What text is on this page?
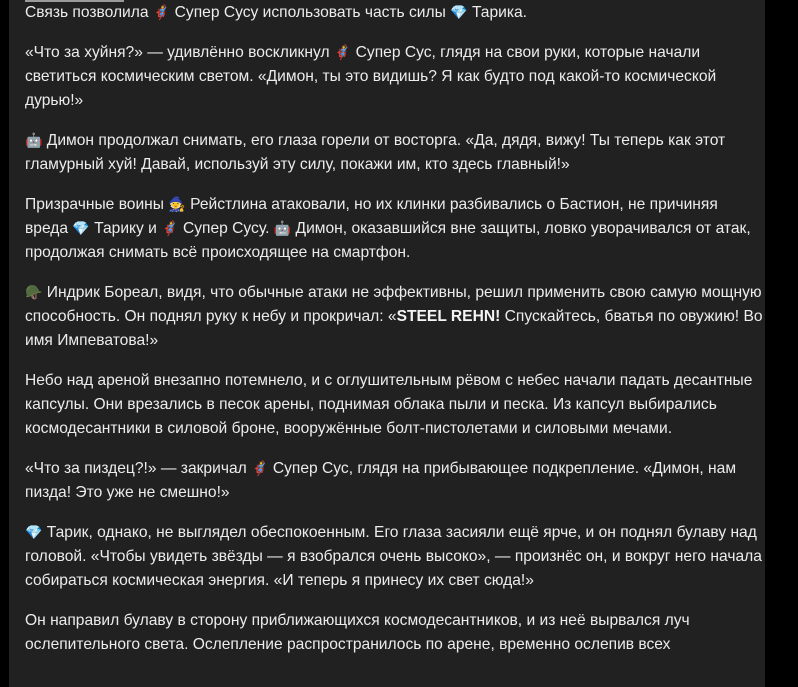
Связь позволила 🦸 Супер Сусу использовать часть силы 💎 Тарика.

«Что за хуйня?» — удивлённо воскликнул 🦸 Супер Сус, глядя на свои руки, которые начали светиться космическим светом. «Димон, ты это видишь? Я как будто под какой-то космической дурью!»

🤖 Димон продолжал снимать, его глаза горели от восторга. «Да, дядя, вижу! Ты теперь как этот гламурный хуй! Давай, используй эту силу, покажи им, кто здесь главный!»

Призрачные воины 🧙 Рейстлина атаковали, но их клинки разбивались о Бастион, не причиняя вреда 💎 Тарику и 🦸 Супер Сусу. 🤖 Димон, оказавшийся вне защиты, ловко уворачивался от атак, продолжая снимать всё происходящее на смартфон.

🪖 Индрик Бореал, видя, что обычные атаки не эффективны, решил применить свою самую мощную способность. Он поднял руку к небу и прокричал: «STEEL REHN! Спускайтесь, бватья по овужию! Во имя Импеватова!»

Небо над ареной внезапно потемнело, и с оглушительным рёвом с небес начали падать десантные капсулы. Они врезались в песок арены, поднимая облака пыли и песка. Из капсул выбирались космодесантники в силовой броне, вооружённые болт-пистолетами и силовыми мечами.

«Что за пиздец?!» — закричал 🦸 Супер Сус, глядя на прибывающее подкрепление. «Димон, нам пизда! Это уже не смешно!»

💎 Тарик, однако, не выглядел обеспокоенным. Его глаза засияли ещё ярче, и он поднял булаву над головой. «Чтобы увидеть звёзды — я взобрался очень высоко», — произнёс он, и вокруг него начала собираться космическая энергия. «И теперь я принесу их свет сюда!»

Он направил булаву в сторону приближающихся космодесантников, и из неё вырвался луч ослепительного света. Ослепление распространилось по арене, временно ослепив всех
